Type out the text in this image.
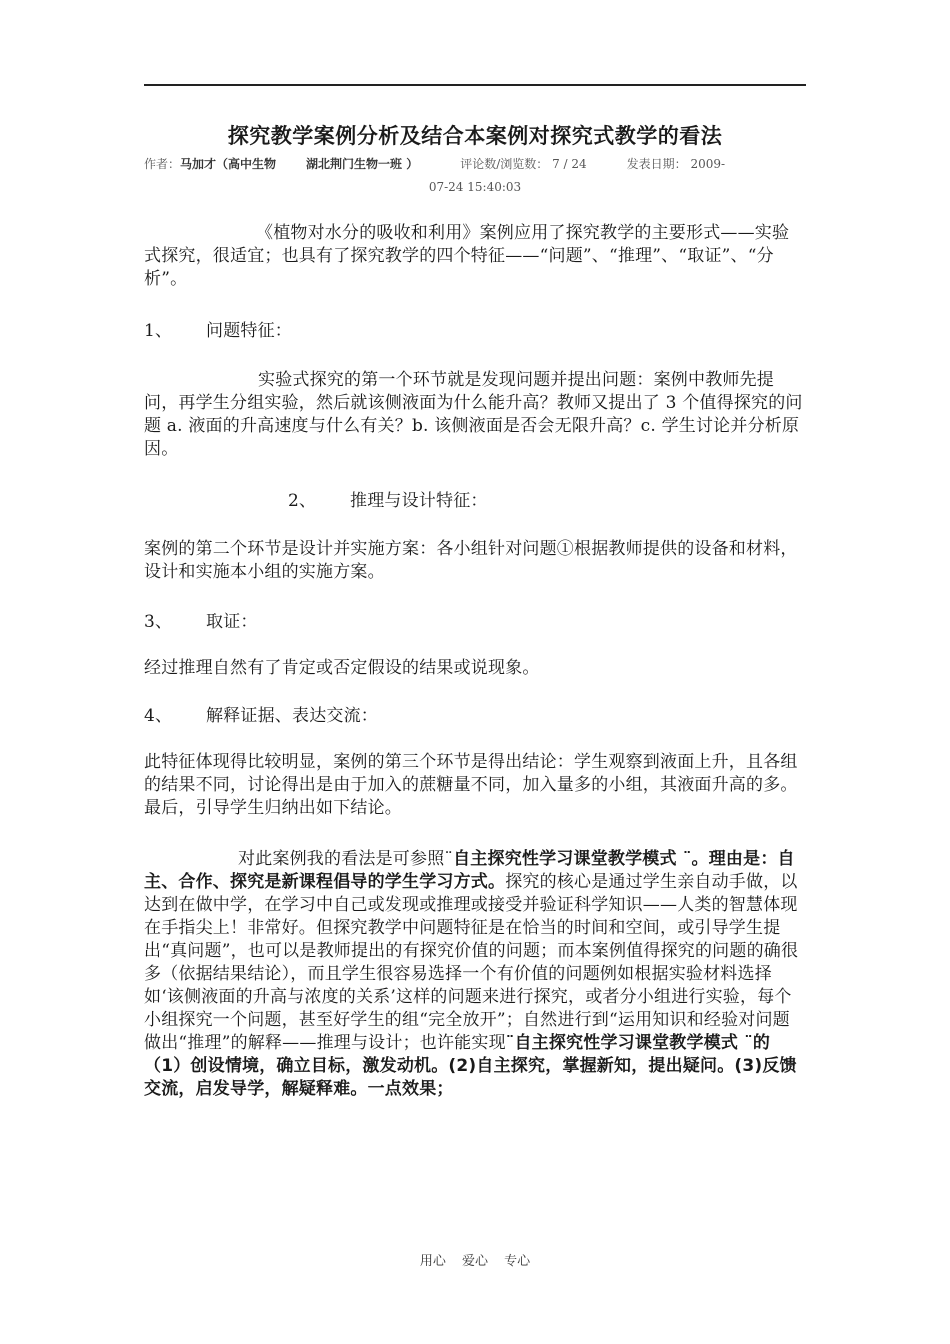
探究教学案例分析及结合本案例对探究式教学的看法
作者：马加才（高中生物	湖北荆门生物一班 ）	评论数/浏览数： 7 / 24	发表日期： 2009-
07-24 15:40:03
《植物对水分的吸收和利用》案例应用了探究教学的主要形式——实验式探究，很适宜；也具有了探究教学的四个特征——“问题”、“推理”、“取证”、“分析”。
1、 问题特征：
实验式探究的第一个环节就是发现问题并提出问题：案例中教师先提问，再学生分组实验，然后就该侧液面为什么能升高？教师又提出了 3 个值得探究的问题 a. 液面的升高速度与什么有关？b. 该侧液面是否会无限升高？c. 学生讨论并分析原因。
2、 推理与设计特征：
案例的第二个环节是设计并实施方案：各小组针对问题①根据教师提供的设备和材料，设计和实施本小组的实施方案。
3、 取证：
经过推理自然有了肯定或否定假设的结果或说现象。
4、 解释证据、表达交流：
此特征体现得比较明显，案例的第三个环节是得出结论：学生观察到液面上升，且各组的结果不同，讨论得出是由于加入的蔗糖量不同，加入量多的小组，其液面升高的多。最后，引导学生归纳出如下结论。
对此案例我的看法是可参照¨自主探究性学习课堂教学模式 ¨。理由是：自主、合作、探究是新课程倡导的学生学习方式。探究的核心是通过学生亲自动手做，以达到在做中学，在学习中自己或发现或推理或接受并验证科学知识——人类的智慧体现在手指尖上！非常好。但探究教学中问题特征是在恰当的时间和空间，或引导学生提出“真问题”，也可以是教师提出的有探究价值的问题；而本案例值得探究的问题的确很多（依据结果结论），而且学生很容易选择一个有价值的问题例如根据实验材料选择如‘该侧液面的升高与浓度的关系’这样的问题来进行探究，或者分小组进行实验，每个小组探究一个问题，甚至好学生的组“完全放开”；自然进行到“运用知识和经验对问题做出“推理”的解释——推理与设计；也许能实现¨自主探究性学习课堂教学模式 ¨的（1）创设情境，确立目标，激发动机。(2)自主探究，掌握新知，提出疑问。(3)反馈交流，启发导学，解疑释难。一点效果；
用心 爱心 专心
